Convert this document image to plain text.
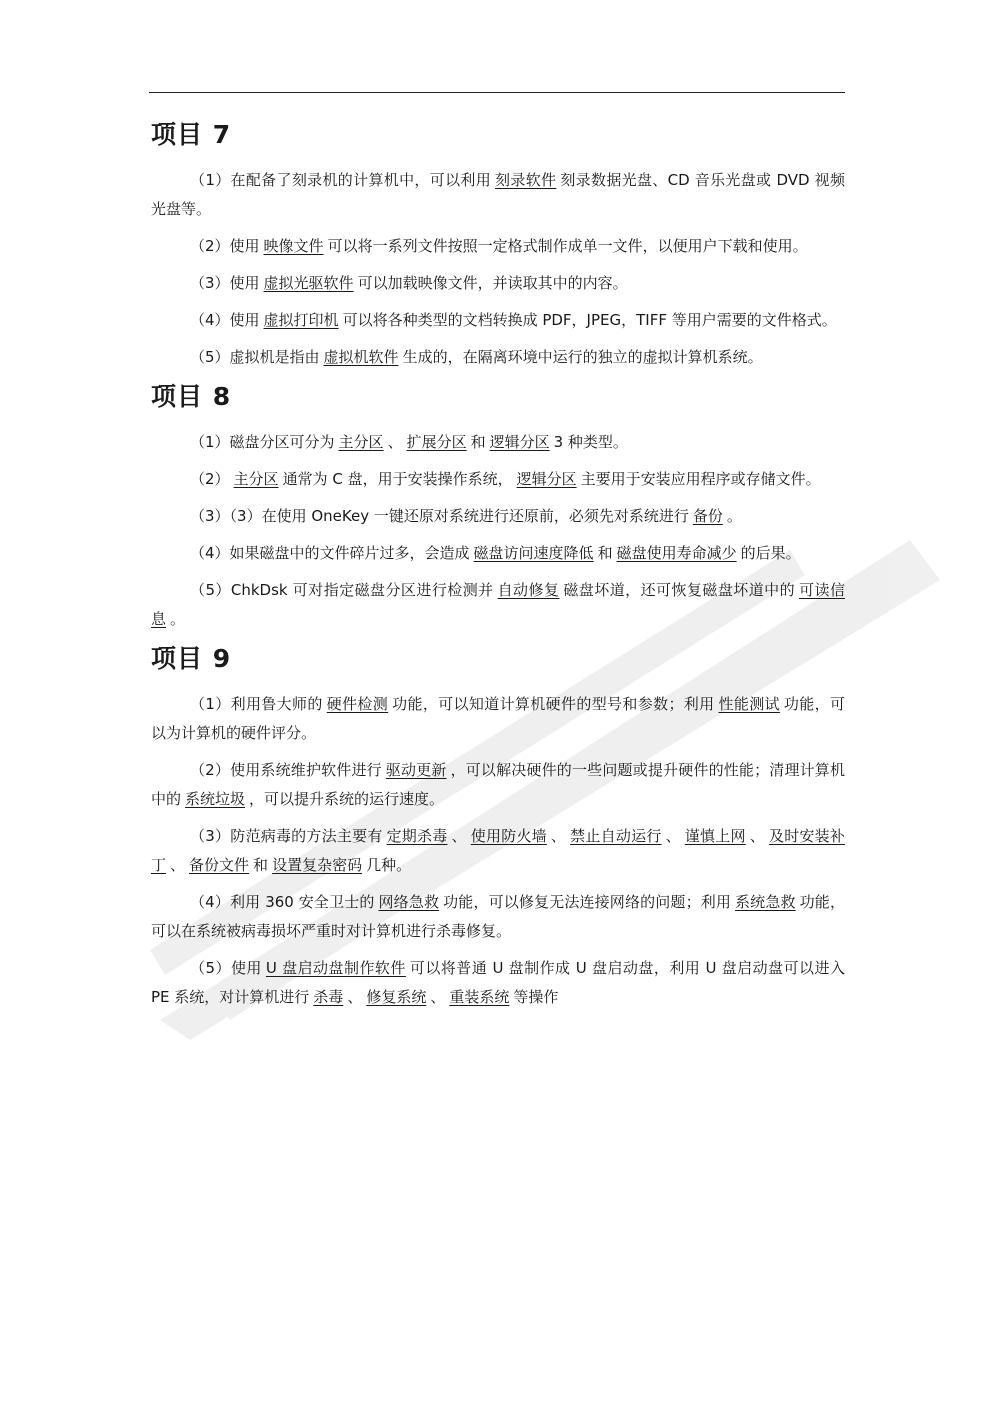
项目 7

（1）在配备了刻录机的计算机中，可以利用 刻录软件 刻录数据光盘、CD 音乐光盘或 DVD 视频光盘等。

（2）使用 映像文件 可以将一系列文件按照一定格式制作成单一文件，以便用户下载和使用。

（3）使用 虚拟光驱软件 可以加载映像文件，并读取其中的内容。

（4）使用 虚拟打印机 可以将各种类型的文档转换成 PDF，JPEG，TIFF 等用户需要的文件格式。

（5）虚拟机是指由 虚拟机软件 生成的，在隔离环境中运行的独立的虚拟计算机系统。

项目 8

（1）磁盘分区可分为 主分区 、 扩展分区 和 逻辑分区 3 种类型。

（2） 主分区 通常为 C 盘，用于安装操作系统， 逻辑分区 主要用于安装应用程序或存储文件。

（3）（3）在使用 OneKey 一键还原对系统进行还原前，必须先对系统进行 备份 。

（4）如果磁盘中的文件碎片过多，会造成 磁盘访问速度降低 和 磁盘使用寿命减少 的后果。

（5）ChkDsk 可对指定磁盘分区进行检测并 自动修复 磁盘坏道，还可恢复磁盘坏道中的 可读信息 。

项目 9

（1）利用鲁大师的 硬件检测 功能，可以知道计算机硬件的型号和参数；利用 性能测试 功能，可以为计算机的硬件评分。

（2）使用系统维护软件进行 驱动更新 ，可以解决硬件的一些问题或提升硬件的性能；清理计算机中的 系统垃圾 ，可以提升系统的运行速度。

（3）防范病毒的方法主要有 定期杀毒 、 使用防火墙 、 禁止自动运行 、 谨慎上网 、 及时安装补丁 、 备份文件 和 设置复杂密码 几种。

（4）利用 360 安全卫士的 网络急救 功能，可以修复无法连接网络的问题；利用 系统急救 功能，可以在系统被病毒损坏严重时对计算机进行杀毒修复。

（5）使用 U 盘启动盘制作软件 可以将普通 U 盘制作成 U 盘启动盘，利用 U 盘启动盘可以进入 PE 系统，对计算机进行 杀毒 、 修复系统 、 重装系统 等操作
